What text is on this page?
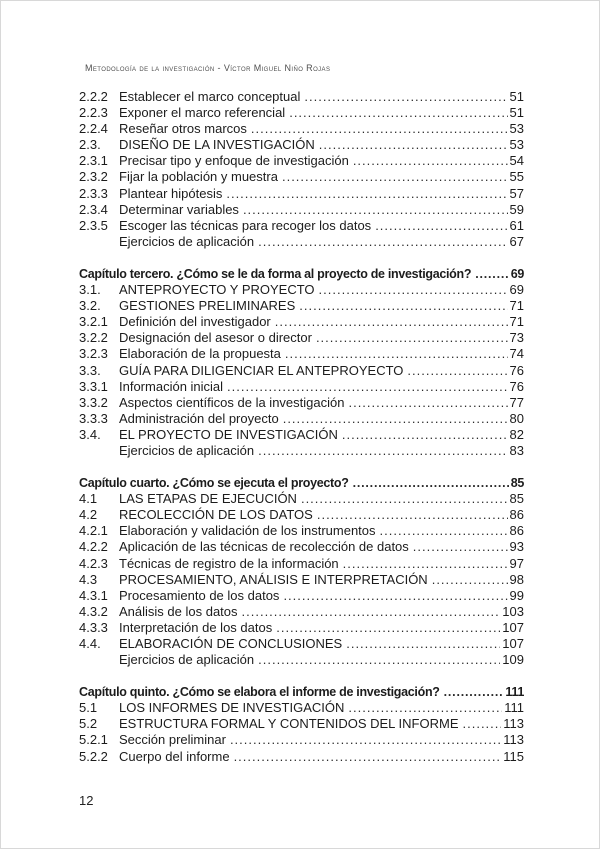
Metodología de la investigación - Víctor Miguel Niño Rojas
2.2.2 Establecer el marco conceptual .....	51
2.2.3 Exponer el marco referencial .....	51
2.2.4 Reseñar otros marcos .....	53
2.3.	DISEÑO DE LA INVESTIGACIÓN .....	53
2.3.1 Precisar tipo y enfoque de investigación .....	54
2.3.2 Fijar la población y muestra .....	55
2.3.3 Plantear hipótesis .....	57
2.3.4 Determinar variables .....	59
2.3.5 Escoger las técnicas para recoger los datos .....	61
Ejercicios de aplicación .....	67
Capítulo tercero. ¿Cómo se le da forma al proyecto de investigación? .....	69
3.1.	ANTEPROYECTO Y PROYECTO .....	69
3.2.	GESTIONES PRELIMINARES .....	71
3.2.1 Definición del investigador .....	71
3.2.2 Designación del asesor o director .....	73
3.2.3 Elaboración de la propuesta .....	74
3.3.	GUÍA PARA DILIGENCIAR EL ANTEPROYECTO .....	76
3.3.1 Información inicial .....	76
3.3.2 Aspectos científicos de la investigación .....	77
3.3.3 Administración del proyecto .....	80
3.4.	EL PROYECTO DE INVESTIGACIÓN .....	82
Ejercicios de aplicación .....	83
Capítulo cuarto. ¿Cómo se ejecuta el proyecto? .....	85
4.1	LAS ETAPAS DE EJECUCIÓN .....	85
4.2	RECOLECCIÓN DE LOS DATOS .....	86
4.2.1 Elaboración y validación de los instrumentos .....	86
4.2.2 Aplicación de las técnicas de recolección de datos .....	93
4.2.3 Técnicas de registro de la información .....	97
4.3	PROCESAMIENTO, ANÁLISIS E INTERPRETACIÓN .....	98
4.3.1 Procesamiento de los datos .....	99
4.3.2 Análisis de los datos .....	103
4.3.3 Interpretación de los datos .....	107
4.4.	ELABORACIÓN DE CONCLUSIONES .....	107
Ejercicios de aplicación .....	109
Capítulo quinto. ¿Cómo se elabora el informe de investigación? .....	111
5.1	LOS INFORMES DE INVESTIGACIÓN .....	111
5.2	ESTRUCTURA FORMAL Y CONTENIDOS DEL INFORME .....	113
5.2.1 Sección preliminar .....	113
5.2.2 Cuerpo del informe .....	115
12
